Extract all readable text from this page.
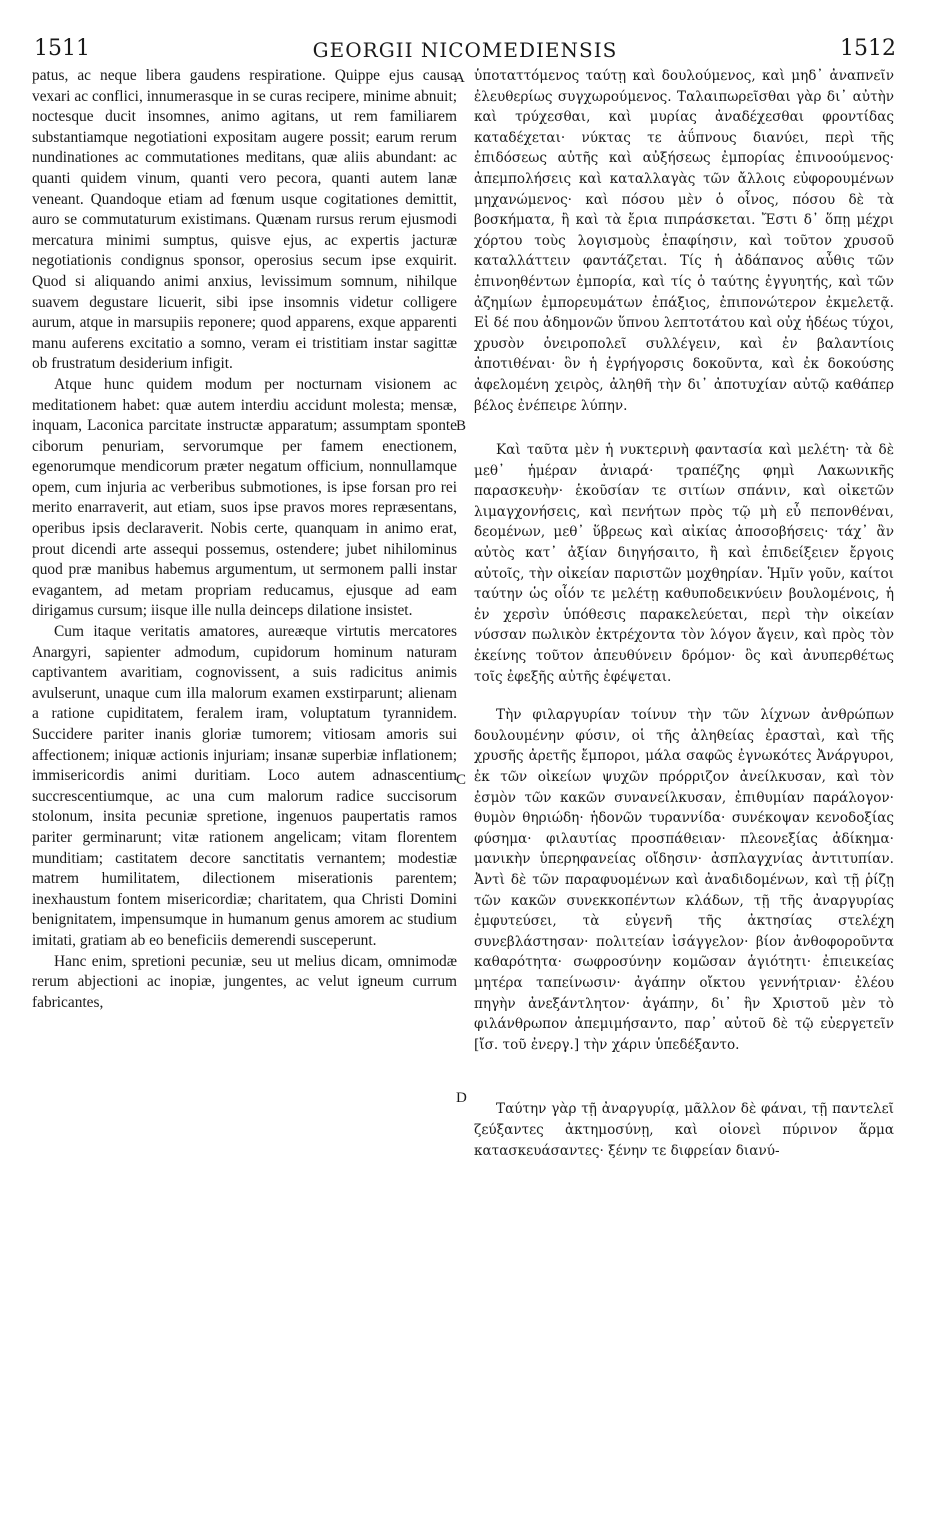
1511	GEORGII NICOMEDIENSIS	1512

patus, ac neque libera gaudens respiratione. Quippe ejus causa vexari ac conflici, innumerasque in se curas recipere, minime abnuit; noctesque ducit insomnes, animo agitans, ut rem familiarem substantiamque negotiationi expositam augere possit; earum rerum nundinationes ac commutationes meditans, quæ aliis abundant: ac quanti quidem vinum, quanti vero pecora, quanti autem lanæ veneant. Quandoque etiam ad fœnum usque cogitationes demittit, auro se commutaturum existimans. Quænam rursus rerum ejusmodi mercatura minimi sumptus, quisve ejus, ac expertis jacturæ negotiationis condignus sponsor, operosius secum ipse exquirit. Quod si aliquando animi anxius, levissimum somnum, nihilque suavem degustare licuerit, sibi ipse insomnis videtur colligere aurum, atque in marsupiis reponere; quod apparens, exque apparenti manu auferens excitatio a somno, veram ei tristitiam instar sagittæ ob frustratum desiderium infigit.

Atque hunc quidem modum per nocturnam visionem ac meditationem habet: quæ autem interdiu accidunt molesta; mensæ, inquam, Laconica parcitate instructæ apparatum; assumptam sponte ciborum penuriam, servorumque per famem enectionem, egenorumque mendicorum præter negatum officium, nonnullamque opem, cum injuria ac verberibus submotiones, is ipse forsan pro rei merito enarraverit, aut etiam, suos ipse pravos mores repræsentans, operibus ipsis declaraverit. Nobis certe, quanquam in animo erat, prout dicendi arte assequi possemus, ostendere; jubet nihilominus quod præ manibus habemus argumentum, ut sermonem palli instar evagantem, ad metam propriam reducamus, ejusque ad eam dirigamus cursum; iisque ille nulla deinceps dilatione insistet.

Cum itaque veritatis amatores, aureæque virtutis mercatores Anargyri, sapienter admodum, cupidorum hominum naturam captivantem avaritiam, cognovissent, a suis radicitus animis avulserunt, unaque cum illa malorum examen exstirparunt; alienam a ratione cupiditatem, feralem iram, voluptatum tyrannidem. Succidere pariter inanis gloriæ tumorem; vitiosam amoris sui affectionem; iniquæ actionis injuriam; insanæ superbiæ inflationem; immisericordis animi duritiam. Loco autem adnascentium succrescentiumque, ac una cum malorum radice succisorum stolonum, insita pecuniæ spretione, ingenuos paupertatis ramos pariter germinarunt; vitæ rationem angelicam; vitam florentem munditiam; castitatem decore sanctitatis vernantem; modestiæ matrem humilitatem, dilectionem miserationis parentem; inexhaustum fontem misericordiæ; charitatem, qua Christi Domini benignitatem, impensumque in humanum genus amorem ac studium imitati, gratiam ab eo beneficiis demerendi susceperunt.

Hanc enim, spretioni pecuniæ, seu ut melius dicam, omnimodæ rerum abjectioni ac inopiæ, jungentes, ac velut igneum currum fabricantes,

A
B
C
D

ὑποταττόμενος ταύτῃ καὶ δουλούμενος, καὶ μηδ᾽ ἀναπνεῖν ἐλευθερίως συγχωρούμενος. Ταλαιπωρεῖσθαι γὰρ δι᾽ αὐτὴν καὶ τρύχεσθαι, καὶ μυρίας ἀναδέχεσθαι φροντίδας καταδέχεται· νύκτας τε ἀΰπνους διανύει, περὶ τῆς ἐπιδόσεως αὐτῆς καὶ αὐξήσεως ἐμπορίας ἐπινοούμενος· ἀπεμπολήσεις καὶ καταλλαγὰς τῶν ἄλλοις εὐφορουμένων μηχανώμενος· καὶ πόσου μὲν ὁ οἶνος, πόσου δὲ τὰ βοσκήματα, ἢ καὶ τὰ ἔρια πιπράσκεται. Ἔστι δ᾽ ὅπῃ μέχρι χόρτου τοὺς λογισμοὺς ἐπαφίησιν, καὶ τοῦτον χρυσοῦ καταλλάττειν φαντάζεται. Τίς ἡ ἀδάπανος αὖθις τῶν ἐπινοηθέντων ἐμπορία, καὶ τίς ὁ ταύτης ἐγγυητής, καὶ τῶν ἀζημίων ἐμπορευμάτων ἐπάξιος, ἐπιπονώτερον ἐκμελετᾷ. Εἰ δέ που ἀδημονῶν ὕπνου λεπτοτάτου καὶ οὐχ ἡδέως τύχοι, χρυσὸν ὀνειροπολεῖ συλλέγειν, καὶ ἐν βαλαντίοις ἀποτιθέναι· ὃν ἡ ἐγρήγορσις δοκοῦντα, καὶ ἐκ δοκούσης ἀφελομένη χειρὸς, ἀληθῆ τὴν δι᾽ ἀποτυχίαν αὐτῷ καθάπερ βέλος ἐνέπειρε λύπην.

Καὶ ταῦτα μὲν ἡ νυκτερινὴ φαντασία καὶ μελέτη· τὰ δὲ μεθ᾽ ἡμέραν ἀνιαρά· τραπέζης φημὶ Λακωνικῆς παρασκευὴν· ἑκοῦσίαν τε σιτίων σπάνιν, καὶ οἰκετῶν λιμαγχονήσεις, καὶ πενήτων πρὸς τῷ μὴ εὖ πεπονθέναι, δεομένων, μεθ᾽ ὕβρεως καὶ αἰκίας ἀποσοβήσεις· τάχ᾽ ἂν αὐτὸς κατ᾽ ἀξίαν διηγήσαιτο, ἢ καὶ ἐπιδείξειεν ἔργοις αὐτοῖς, τὴν οἰκείαν παριστῶν μοχθηρίαν. Ἡμῖν γοῦν, καίτοι ταύτην ὡς οἷόν τε μελέτῃ καθυποδεικνύειν βουλομένοις, ἡ ἐν χερσὶν ὑπόθεσις παρακελεύεται, περὶ τὴν οἰκείαν νύσσαν πωλικὸν ἐκτρέχοντα τὸν λόγον ἄγειν, καὶ πρὸς τὸν ἐκείνης τοῦτον ἀπευθύνειν δρόμον· ὃς καὶ ἀνυπερθέτως τοῖς ἐφεξῆς αὐτῆς ἐφέψεται.

Τὴν φιλαργυρίαν τοίνυν τὴν τῶν λίχνων ἀνθρώπων δουλουμένην φύσιν, οἱ τῆς ἀληθείας ἐρασταὶ, καὶ τῆς χρυσῆς ἀρετῆς ἔμποροι, μάλα σαφῶς ἐγνωκότες Ἀνάργυροι, ἐκ τῶν οἰκείων ψυχῶν πρόρριζον ἀνείλκυσαν, καὶ τὸν ἐσμὸν τῶν κακῶν συνανείλκυσαν, ἐπιθυμίαν παράλογον· θυμὸν θηριώδη· ἡδονῶν τυραννίδα· συνέκοψαν κενοδοξίας φύσημα· φιλαυτίας προσπάθειαν· πλεονεξίας ἀδίκημα· μανικὴν ὑπερηφανείας οἴδησιν· ἀσπλαγχνίας ἀντιτυπίαν. Ἀντὶ δὲ τῶν παραφυομένων καὶ ἀναδιδομένων, καὶ τῇ ῥίζῃ τῶν κακῶν συνεκκοπέντων κλάδων, τῇ τῆς ἀναργυρίας ἐμφυτεύσει, τὰ εὐγενῆ τῆς ἀκτησίας στελέχη συνεβλάστησαν· πολιτείαν ἰσάγγελον· βίον ἀνθοφοροῦντα καθαρότητα· σωφροσύνην κομῶσαν ἁγιότητι· ἐπιεικείας μητέρα ταπείνωσιν· ἀγάπην οἴκτου γεννήτριαν· ἐλέου πηγὴν ἀνεξάντλητον· ἀγάπην, δι᾽ ἣν Χριστοῦ μὲν τὸ φιλάνθρωπον ἀπεμιμήσαντο, παρ᾽ αὐτοῦ δὲ τῷ εὐεργετεῖν [ἴσ. τοῦ ἐνεργ.] τὴν χάριν ὑπεδέξαντο.

Ταύτην γὰρ τῇ ἀναργυρίᾳ, μᾶλλον δὲ φάναι, τῇ παντελεῖ ζεύξαντες ἀκτημοσύνῃ, καὶ οἱονεὶ πύρινον ἅρμα κατασκευάσαντες· ξένην τε διφρείαν διανύ-
